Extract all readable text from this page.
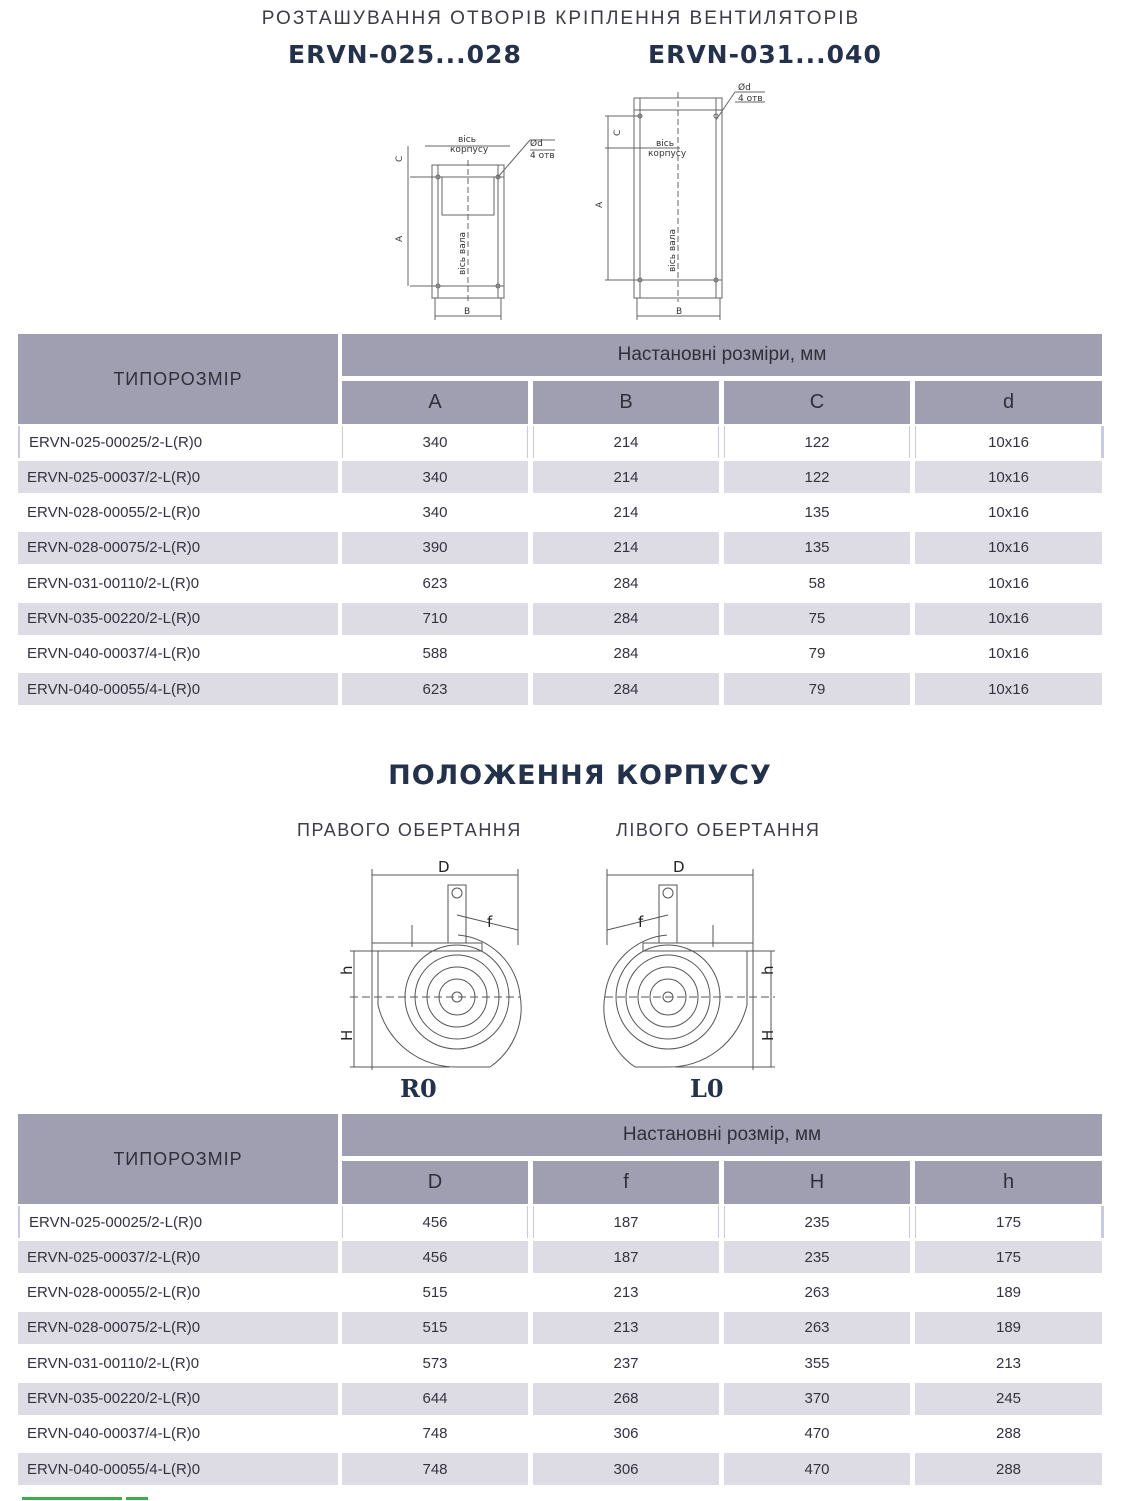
РОЗТАШУВАННЯ ОТВОРІВ КРІПЛЕННЯ ВЕНТИЛЯТОРІВ
ERVN-025...028	ERVN-031...040
вісь
корпусу
Ød
4 отв
A
C
B
вісь вала
вісь
корпусу
Ød
4 отв
A
C
B
вісь вала
ТИПОРОЗМІР
Настановні розміри, мм
A	B	C	d
ERVN-025-00025/2-L(R)0	340	214	122	10x16
ERVN-025-00037/2-L(R)0	340	214	122	10x16
ERVN-028-00055/2-L(R)0	340	214	135	10x16
ERVN-028-00075/2-L(R)0	390	214	135	10x16
ERVN-031-00110/2-L(R)0	623	284	58	10x16
ERVN-035-00220/2-L(R)0	710	284	75	10x16
ERVN-040-00037/4-L(R)0	588	284	79	10x16
ERVN-040-00055/4-L(R)0	623	284	79	10x16
ПОЛОЖЕННЯ КОРПУСУ
ПРАВОГО ОБЕРТАННЯ	ЛІВОГО ОБЕРТАННЯ
D
f
h
H
D
f
h
H
R0	L0
ТИПОРОЗМІР
Настановні розмір, мм
D	f	H	h
ERVN-025-00025/2-L(R)0	456	187	235	175
ERVN-025-00037/2-L(R)0	456	187	235	175
ERVN-028-00055/2-L(R)0	515	213	263	189
ERVN-028-00075/2-L(R)0	515	213	263	189
ERVN-031-00110/2-L(R)0	573	237	355	213
ERVN-035-00220/2-L(R)0	644	268	370	245
ERVN-040-00037/4-L(R)0	748	306	470	288
ERVN-040-00055/4-L(R)0	748	306	470	288
